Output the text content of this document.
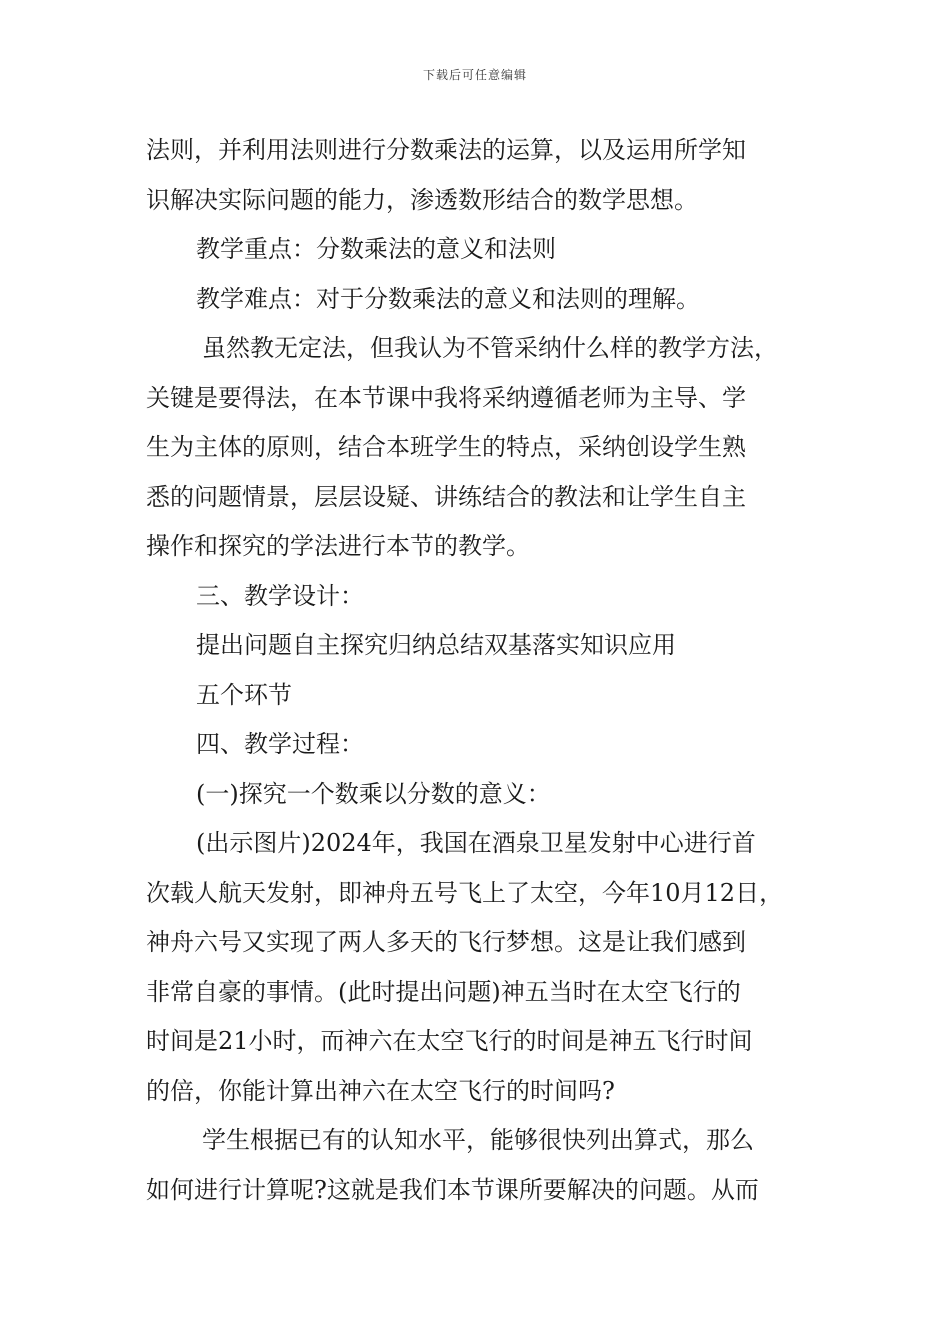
下载后可任意编辑
法则，并利用法则进行分数乘法的运算，以及运用所学知
识解决实际问题的能力，渗透数形结合的数学思想。
教学重点：分数乘法的意义和法则
教学难点：对于分数乘法的意义和法则的理解。
虽然教无定法，但我认为不管采纳什么样的教学方法，
关键是要得法，在本节课中我将采纳遵循老师为主导、学
生为主体的原则，结合本班学生的特点，采纳创设学生熟
悉的问题情景，层层设疑、讲练结合的教法和让学生自主
操作和探究的学法进行本节的教学。
三、教学设计：
提出问题自主探究归纳总结双基落实知识应用
五个环节
四、教学过程：
(一)探究一个数乘以分数的意义：
(出示图片)2024年，我国在酒泉卫星发射中心进行首
次载人航天发射，即神舟五号飞上了太空，今年10月12日，
神舟六号又实现了两人多天的飞行梦想。这是让我们感到
非常自豪的事情。(此时提出问题)神五当时在太空飞行的
时间是21小时，而神六在太空飞行的时间是神五飞行时间
的倍，你能计算出神六在太空飞行的时间吗?
学生根据已有的认知水平，能够很快列出算式，那么
如何进行计算呢?这就是我们本节课所要解决的问题。从而
